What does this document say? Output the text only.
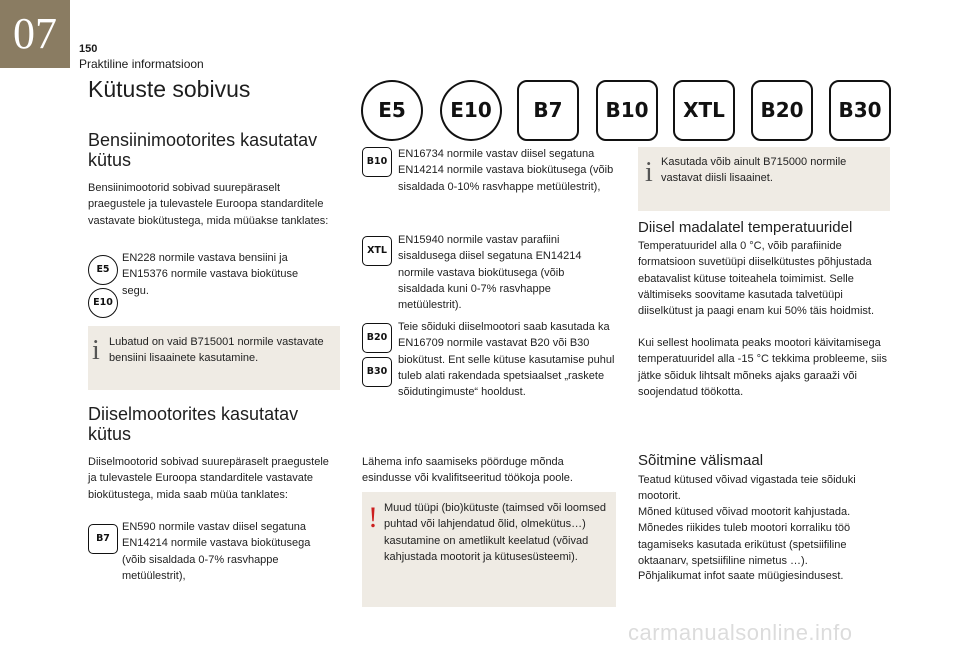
07	150
Praktiline informatsioon
Kütuste sobivus
E5	E10	B7	B10	XTL	B20	B30
Bensiinimootorites kasutatav kütus
Bensiinimootorid sobivad suurepäraselt praegustele ja tulevastele Euroopa standarditele vastavate biokütustega, mida müüakse tanklates:
E5
E10
EN228 normile vastava bensiini ja EN15376 normile vastava biokütuse segu.
i Lubatud on vaid B715001 normile vastavate bensiini lisaainete kasutamine.
Diiselmootorites kasutatav kütus
Diiselmootorid sobivad suurepäraselt praegustele ja tulevastele Euroopa standarditele vastavate biokütustega, mida saab müüa tanklates:
B7
EN590 normile vastav diisel segatuna EN14214 normile vastava biokütusega (võib sisaldada 0-7% rasvhappe metüülestrit),
B10
EN16734 normile vastav diisel segatuna EN14214 normile vastava biokütusega (võib sisaldada 0-10% rasvhappe metüülestrit),
XTL
EN15940 normile vastav parafiini sisaldusega diisel segatuna EN14214 normile vastava biokütusega (võib sisaldada kuni 0-7% rasvhappe metüülestrit).
B20
B30
Teie sõiduki diiselmootori saab kasutada ka EN16709 normile vastavat B20 või B30 biokütust. Ent selle kütuse kasutamise puhul tuleb alati rakendada spetsiaalset „raskete sõidutingimuste“ hooldust.
Lähema info saamiseks pöörduge mõnda esindusse või kvalifitseeritud töökoja poole.
! Muud tüüpi (bio)kütuste (taimsed või loomsed puhtad või lahjendatud õlid, olmekütus…) kasutamine on ametlikult keelatud (võivad kahjustada mootorit ja kütusesüsteemi).
i Kasutada võib ainult B715000 normile vastavat diisli lisaainet.
Diisel madalatel temperatuuridel
Temperatuuridel alla 0 °C, võib parafiinide formatsioon suvetüüpi diiselkütustes põhjustada ebatavalist kütuse toiteahela toimimist. Selle vältimiseks soovitame kasutada talvetüüpi diiselkütust ja paagi enam kui 50% täis hoidmist.
Kui sellest hoolimata peaks mootori käivitamisega temperatuuridel alla -15 °C tekkima probleeme, siis jätke sõiduk lihtsalt mõneks ajaks garaaži või soojendatud töökotta.
Sõitmine välismaal
Teatud kütused võivad vigastada teie sõiduki mootorit.
Mõned kütused võivad mootorit kahjustada. Mõnedes riikides tuleb mootori korraliku töö tagamiseks kasutada erikütust (spetsiifiline oktaanarv, spetsiifiline nimetus …).
Põhjalikumat infot saate müügiesindusest.
carmanualsonline.info
